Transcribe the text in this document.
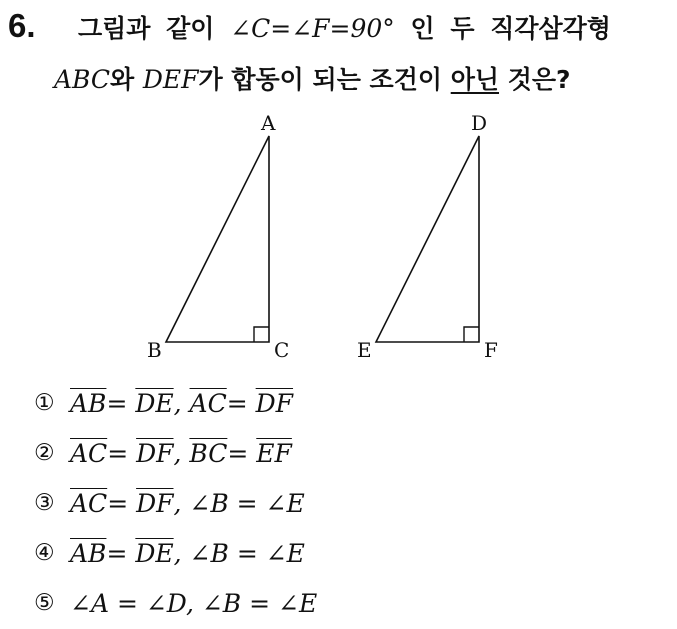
6. 그림과 같이 ∠C=∠F=90° 인 두 직각삼각형
ABC와 DEF가 합동이 되는 조건이 아닌 것은?
A
B	C
D
E	F
① $\overline{AB} = \overline{DE}$ , $\overline{AC} = \overline{DF}$
② $\overline{AC} = \overline{DF}$ , $\overline{BC} = \overline{EF}$
③ $\overline{AC} = \overline{DF}$ , ∠B = ∠E
④ $\overline{AB} = \overline{DE}$ , ∠B = ∠E
⑤ ∠A = ∠D, ∠B = ∠E
